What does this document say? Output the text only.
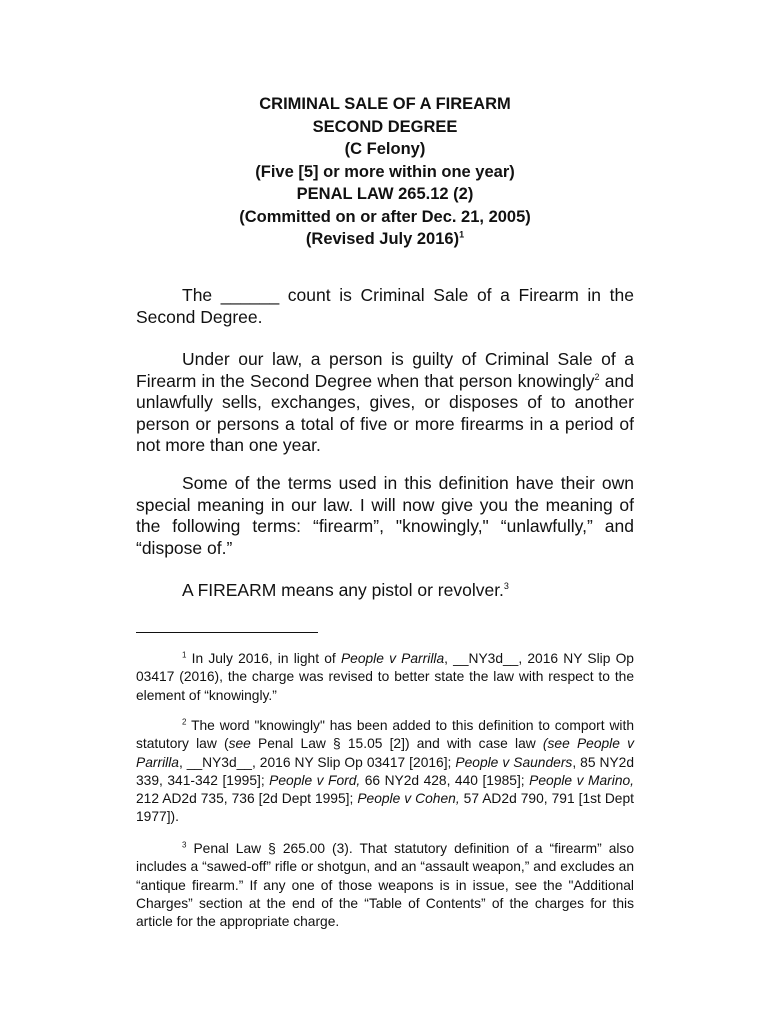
CRIMINAL SALE OF A FIREARM
SECOND DEGREE
(C Felony)
(Five [5] or more within one year)
PENAL LAW 265.12 (2)
(Committed on or after Dec. 21, 2005)
(Revised July 2016)$^1$
The ______ count is Criminal Sale of a Firearm in the Second Degree.
Under our law, a person is guilty of Criminal Sale of a Firearm in the Second Degree when that person knowingly$^2$ and unlawfully sells, exchanges, gives, or disposes of to another person or persons a total of five or more firearms in a period of not more than one year.
Some of the terms used in this definition have their own special meaning in our law. I will now give you the meaning of the following terms: “firearm”, "knowingly," “unlawfully,” and “dispose of.”
A FIREARM means any pistol or revolver.$^3$
$^1$ In July 2016, in light of People v Parrilla, __NY3d__, 2016 NY Slip Op 03417 (2016), the charge was revised to better state the law with respect to the element of “knowingly.”
$^2$ The word "knowingly" has been added to this definition to comport with statutory law (see Penal Law § 15.05 [2]) and with case law (see People v Parrilla, __NY3d__, 2016 NY Slip Op 03417 [2016]; People v Saunders, 85 NY2d 339, 341-342 [1995]; People v Ford, 66 NY2d 428, 440 [1985]; People v Marino, 212 AD2d 735, 736 [2d Dept 1995]; People v Cohen, 57 AD2d 790, 791 [1st Dept 1977]).
$^3$ Penal Law § 265.00 (3). That statutory definition of a “firearm” also includes a “sawed-off” rifle or shotgun, and an “assault weapon,” and excludes an “antique firearm.” If any one of those weapons is in issue, see the "Additional Charges” section at the end of the “Table of Contents” of the charges for this article for the appropriate charge.
